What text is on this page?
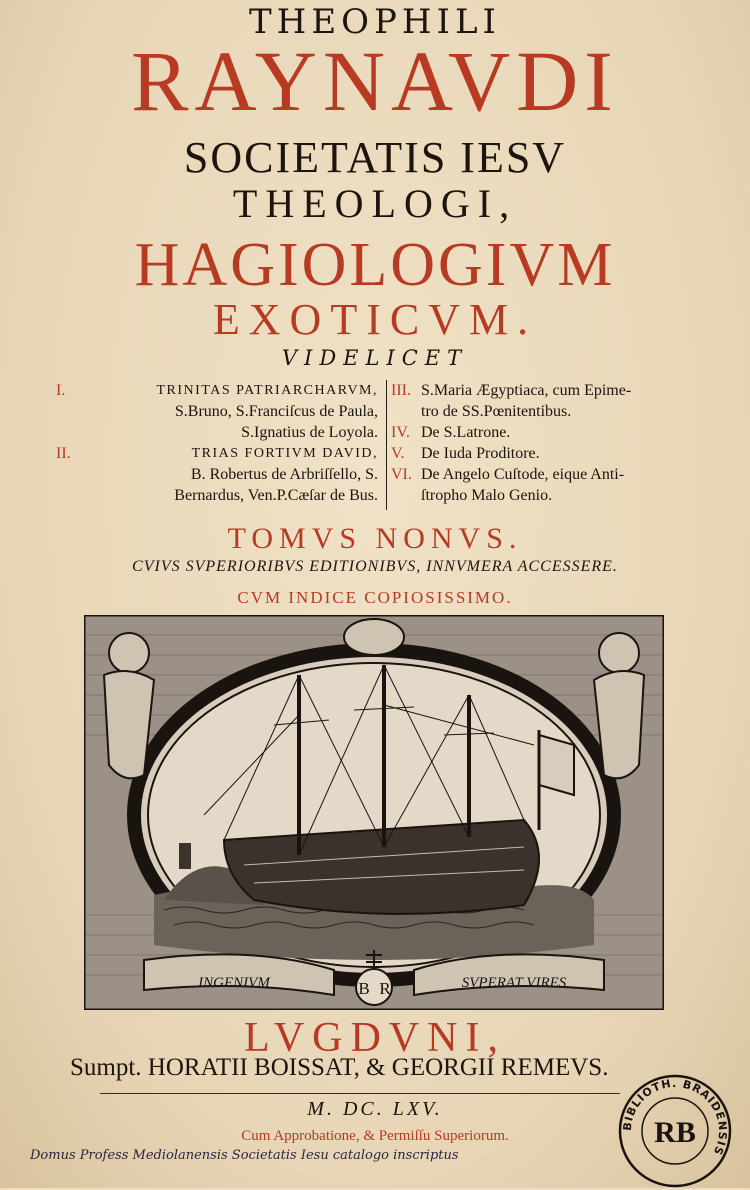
THEOPHILI
RAYNAVDI
SOCIETATIS IESV
THEOLOGI,
HAGIOLOGIVM
EXOTICVM.
VIDELICET
I.	TRINITAS PATRIARCHARVM,
S.Bruno, S.Franciſcus de Paula,
S.Ignatius de Loyola.
II.	TRIAS FORTIVM DAVID,
B. Robertus de Arbriſſello, S.
Bernardus, Ven.P.Cæſar de Bus.
III. S.Maria Ægyptiaca, cum Epime-
tro de SS.Pœnitentibus.
IV. De S.Latrone.
V.	De Iuda Proditore.
VI. De Angelo Cuſtode, eique Anti-
ſtropho Malo Genio.
TOMVS NONVS.
CVIVS SVPERIORIBVS EDITIONIBVS, INNVMERA ACCESSERE.
CVM INDICE COPIOSISSIMO.
INGENIVM	SVPERAT VIRES
B R
LVGDVNI,
Sumpt. HORATII BOISSAT, & GEORGII REMEVS.
M. DC. LXV.
Cum Approbatione, & Permiſſu Superiorum.
Domus Profess Mediolanensis Societatis Iesu catalogo inscriptus
BIBLIOTH. BRAIDENSIS
RB
